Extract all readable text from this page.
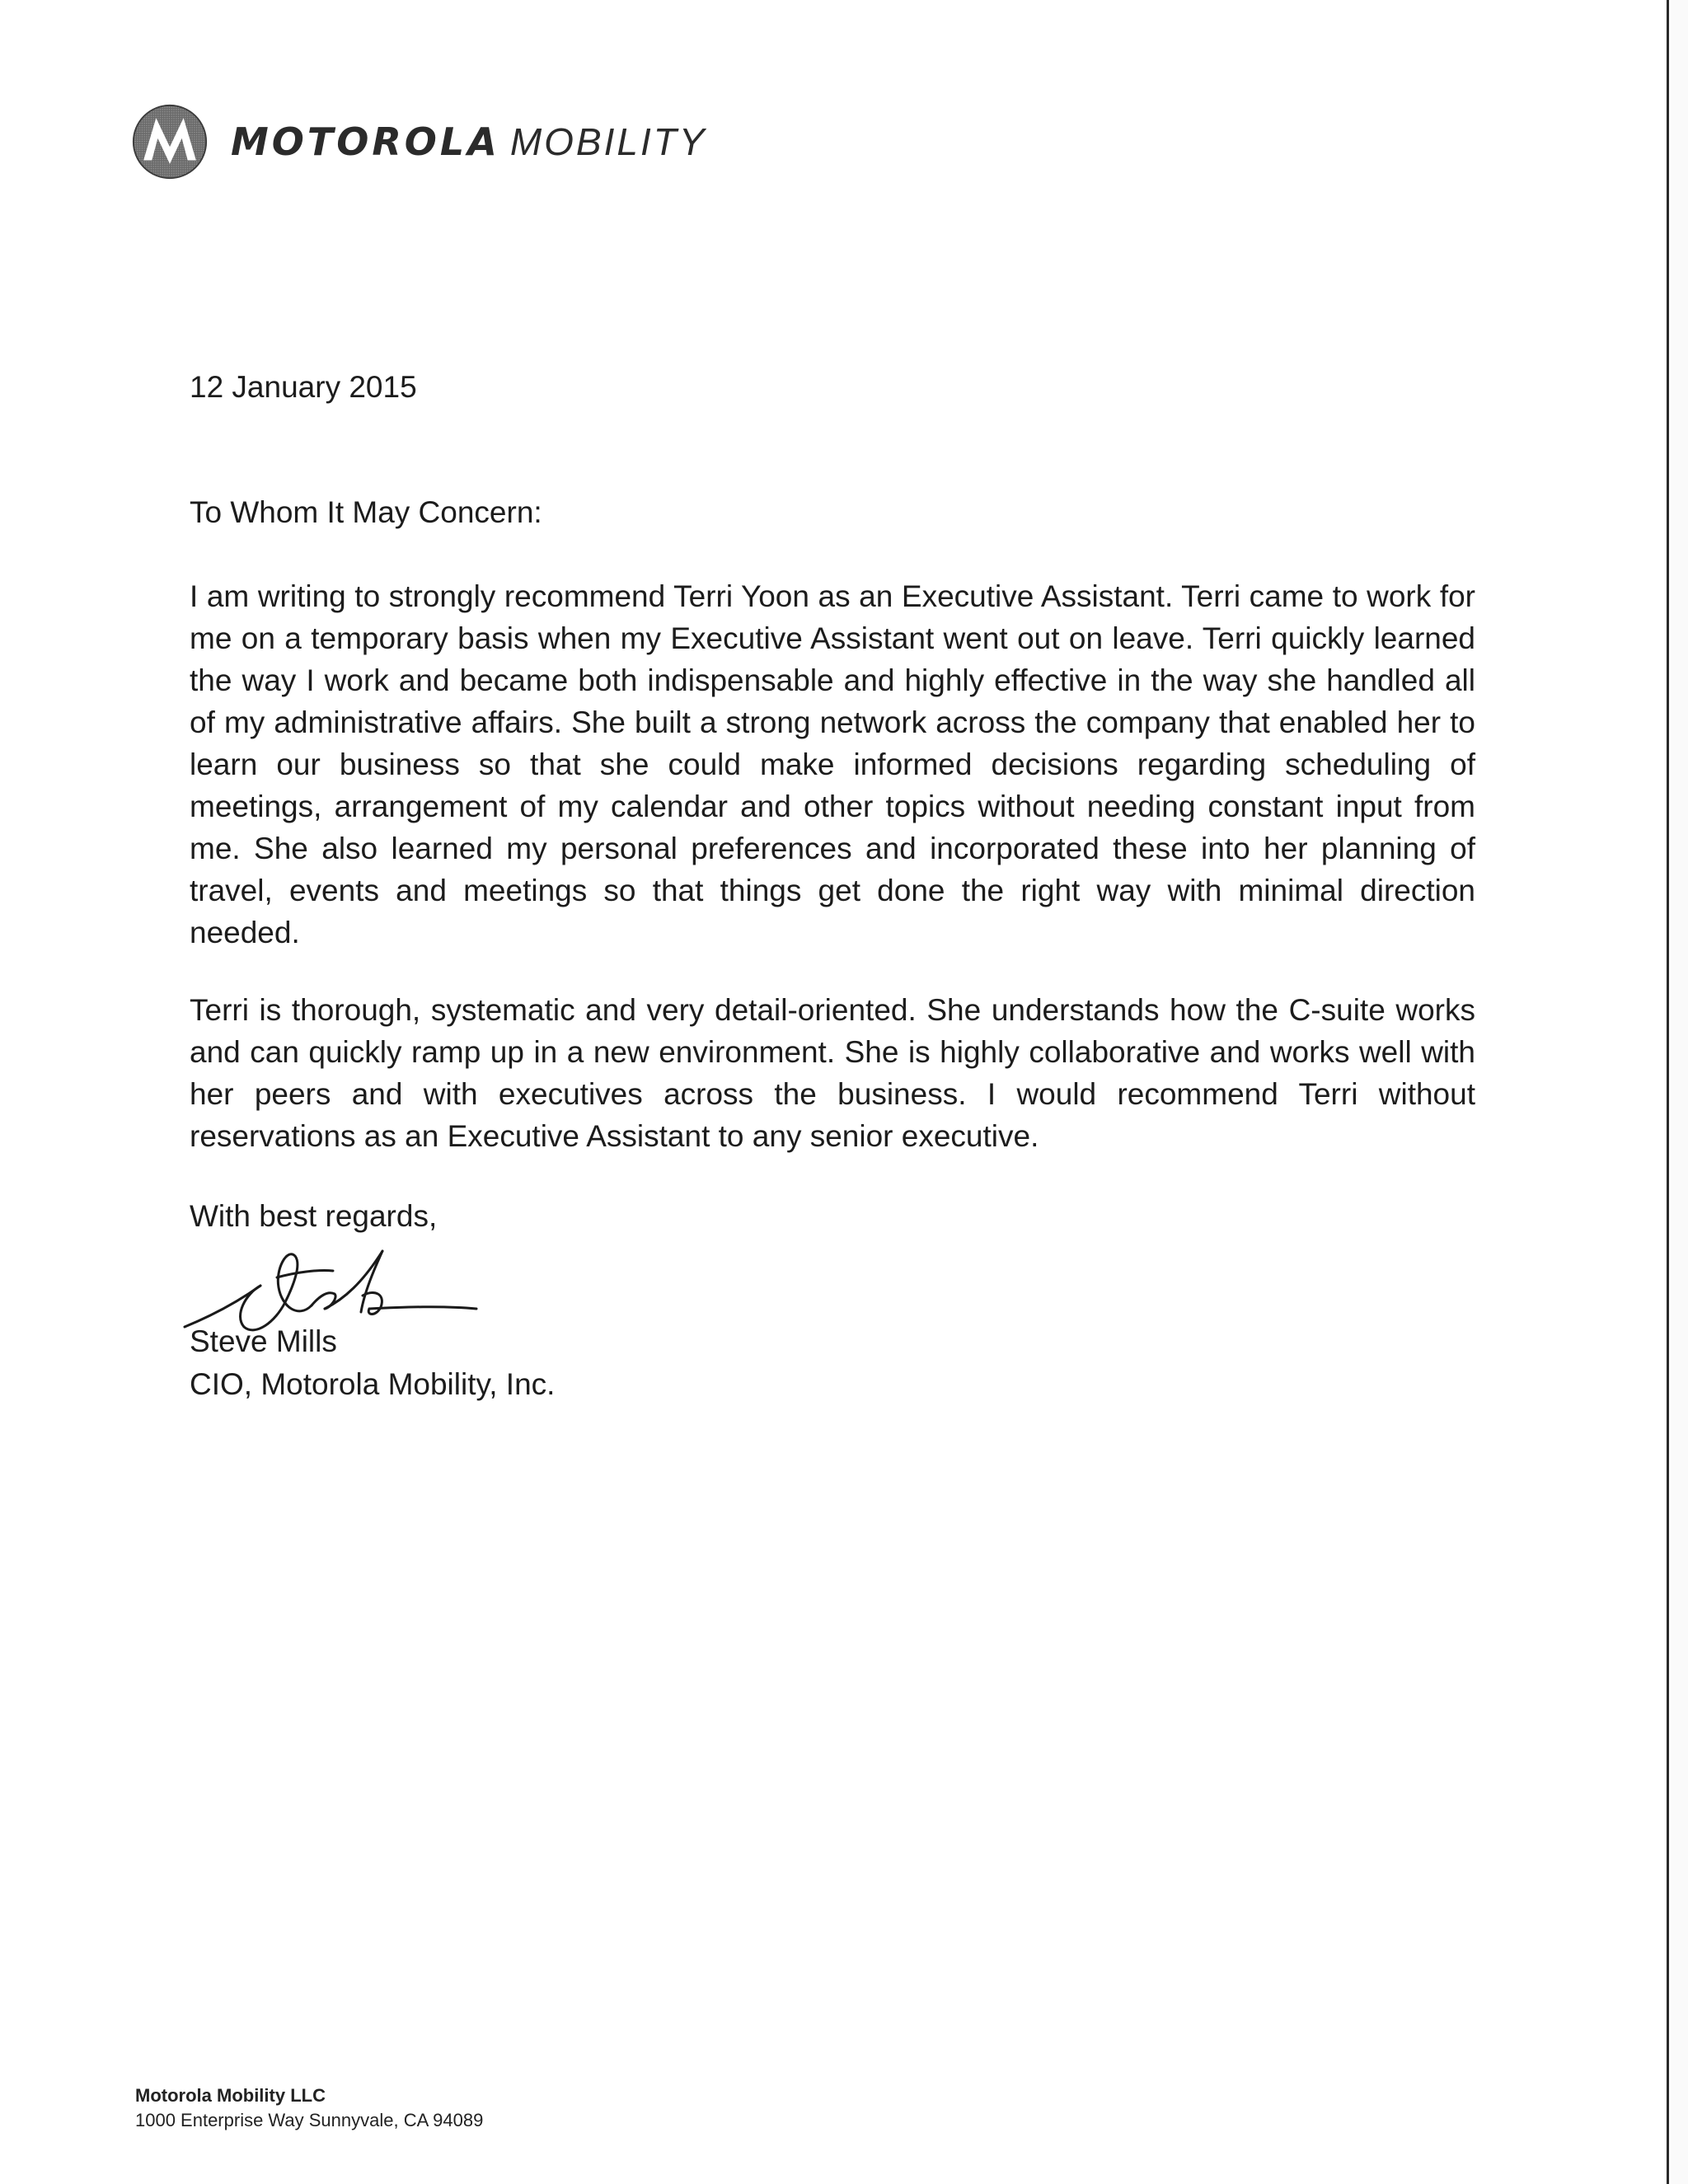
MOTOROLA MOBILITY
12 January 2015
To Whom It May Concern:

I am writing to strongly recommend Terri Yoon as an Executive Assistant. Terri came to work for me on a temporary basis when my Executive Assistant went out on leave. Terri quickly learned the way I work and became both indispensable and highly effective in the way she handled all of my administrative affairs. She built a strong network across the company that enabled her to learn our business so that she could make informed decisions regarding scheduling of meetings, arrangement of my calendar and other topics without needing constant input from me. She also learned my personal preferences and incorporated these into her planning of travel, events and meetings so that things get done the right way with minimal direction needed.

Terri is thorough, systematic and very detail-oriented. She understands how the C-suite works and can quickly ramp up in a new environment. She is highly collaborative and works well with her peers and with executives across the business. I would recommend Terri without reservations as an Executive Assistant to any senior executive.

With best regards,
Steve Mills
CIO, Motorola Mobility, Inc.
Motorola Mobility LLC
1000 Enterprise Way Sunnyvale, CA 94089
